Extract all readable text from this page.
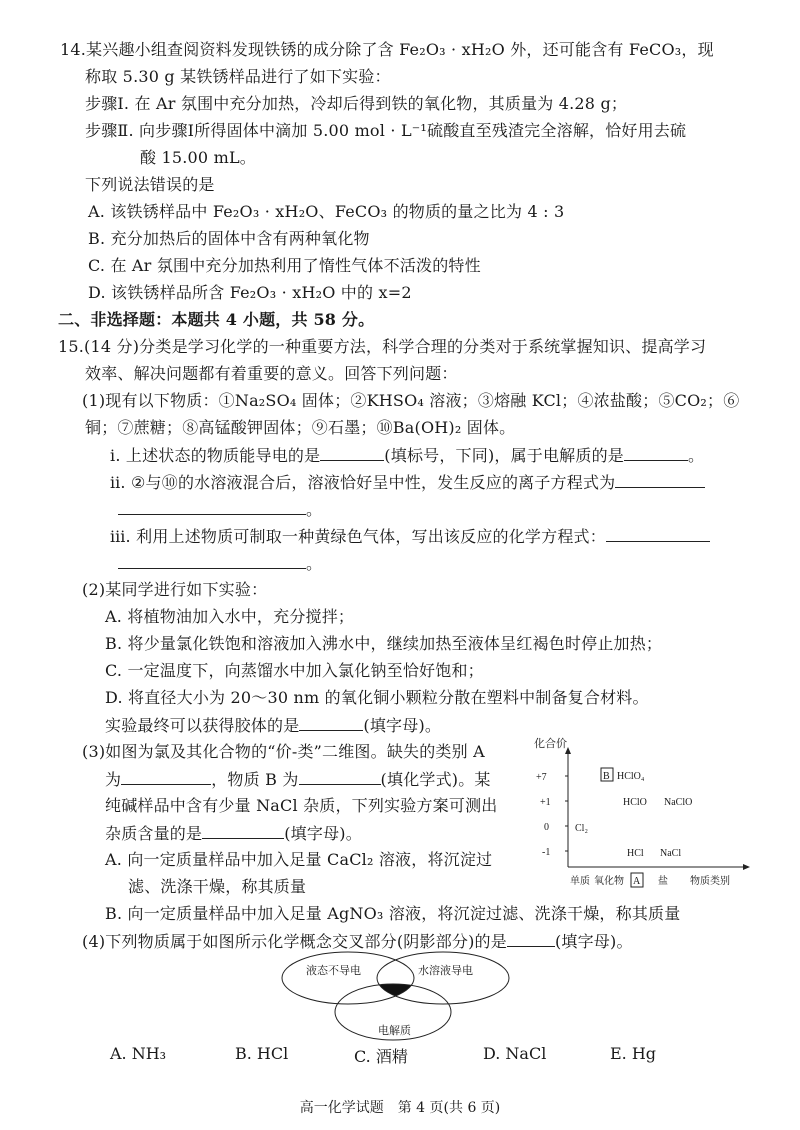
14.某兴趣小组查阅资料发现铁锈的成分除了含 Fe₂O₃ · xH₂O 外，还可能含有 FeCO₃，现
称取 5.30 g 某铁锈样品进行了如下实验：
步骤Ⅰ. 在 Ar 氛围中充分加热，冷却后得到铁的氧化物，其质量为 4.28 g；
步骤Ⅱ. 向步骤Ⅰ所得固体中滴加 5.00 mol · L⁻¹硫酸直至残渣完全溶解，恰好用去硫
酸 15.00 mL。
下列说法错误的是
A. 该铁锈样品中 Fe₂O₃ · xH₂O、FeCO₃ 的物质的量之比为 4 : 3
B. 充分加热后的固体中含有两种氧化物
C. 在 Ar 氛围中充分加热利用了惰性气体不活泼的特性
D. 该铁锈样品所含 Fe₂O₃ · xH₂O 中的 x=2
二、非选择题：本题共 4 小题，共 58 分。
15.(14 分)分类是学习化学的一种重要方法，科学合理的分类对于系统掌握知识、提高学习
效率、解决问题都有着重要的意义。回答下列问题：
(1)现有以下物质：①Na₂SO₄ 固体；②KHSO₄ 溶液；③熔融 KCl；④浓盐酸；⑤CO₂；⑥
铜；⑦蔗糖；⑧高锰酸钾固体；⑨石墨；⑩Ba(OH)₂ 固体。
ⅰ. 上述状态的物质能导电的是	(填标号，下同)，属于电解质的是	。
ⅱ. ②与⑩的水溶液混合后，溶液恰好呈中性，发生反应的离子方程式为
。
ⅲ. 利用上述物质可制取一种黄绿色气体，写出该反应的化学方程式：
。
(2)某同学进行如下实验：
A. 将植物油加入水中，充分搅拌；
B. 将少量氯化铁饱和溶液加入沸水中，继续加热至液体呈红褐色时停止加热；
C. 一定温度下，向蒸馏水中加入氯化钠至恰好饱和；
D. 将直径大小为 20～30 nm 的氧化铜小颗粒分散在塑料中制备复合材料。
实验最终可以获得胶体的是	(填字母)。
(3)如图为氯及其化合物的“价-类”二维图。缺失的类别 A
为	，物质 B 为	(填化学式)。某
纯碱样品中含有少量 NaCl 杂质，下列实验方案可测出
杂质含量的是	(填字母)。
A. 向一定质量样品中加入足量 CaCl₂ 溶液，将沉淀过
滤、洗涤干燥，称其质量
B. 向一定质量样品中加入足量 AgNO₃ 溶液，将沉淀过滤、洗涤干燥，称其质量
(4)下列物质属于如图所示化学概念交叉部分(阴影部分)的是	(填字母)。
化合价
+7
+1
0
-1
单质 氧化物 A 盐 物质类别
B HClO₄
HClO NaClO
Cl₂
HCl NaCl
液态不导电	水溶液导电
电解质
A. NH₃	B. HCl	C. 酒精	D. NaCl	E. Hg
高一化学试题　第 4 页(共 6 页)
